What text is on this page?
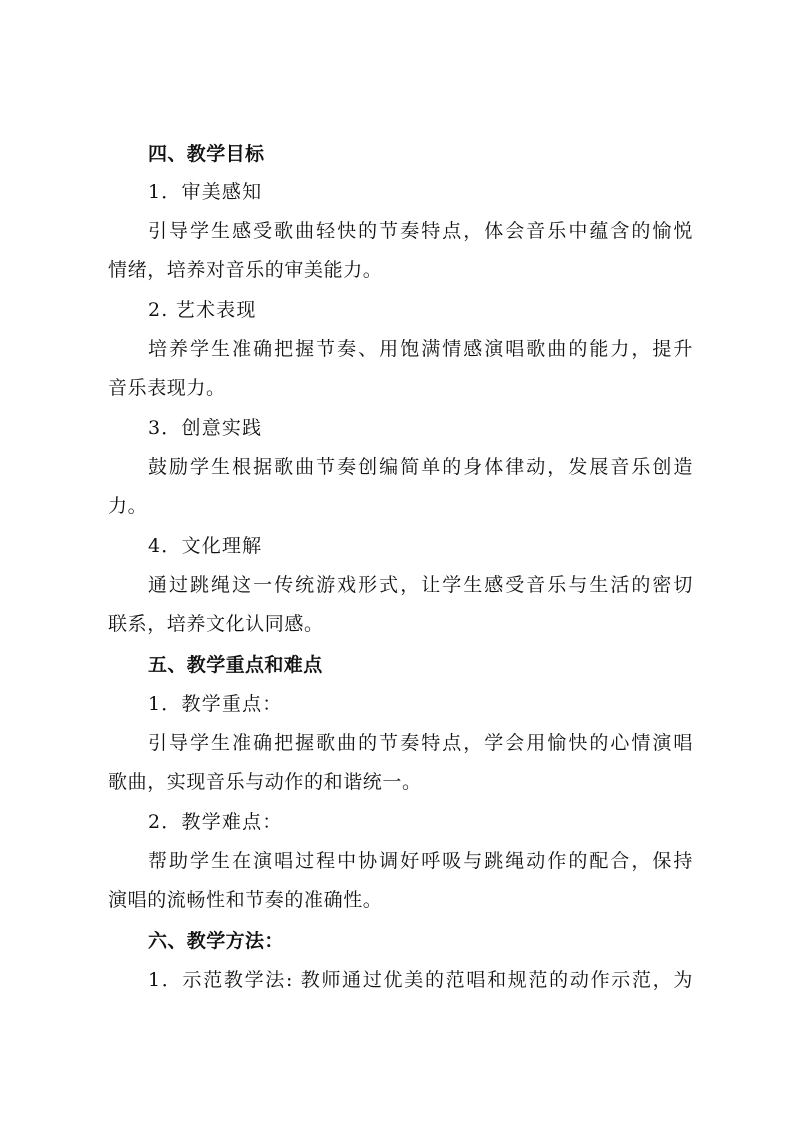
四、教学目标
1．审美感知
引导学生感受歌曲轻快的节奏特点，体会音乐中蕴含的愉悦
情绪，培养对音乐的审美能力。
2. 艺术表现
培养学生准确把握节奏、用饱满情感演唱歌曲的能力，提升
音乐表现力。
3．创意实践
鼓励学生根据歌曲节奏创编简单的身体律动，发展音乐创造
力。
4．文化理解
通过跳绳这一传统游戏形式，让学生感受音乐与生活的密切
联系，培养文化认同感。
五、教学重点和难点
1．教学重点：
引导学生准确把握歌曲的节奏特点，学会用愉快的心情演唱
歌曲，实现音乐与动作的和谐统一。
2．教学难点：
帮助学生在演唱过程中协调好呼吸与跳绳动作的配合，保持
演唱的流畅性和节奏的准确性。
六、教学方法：
1．示范教学法: 教师通过优美的范唱和规范的动作示范，为
